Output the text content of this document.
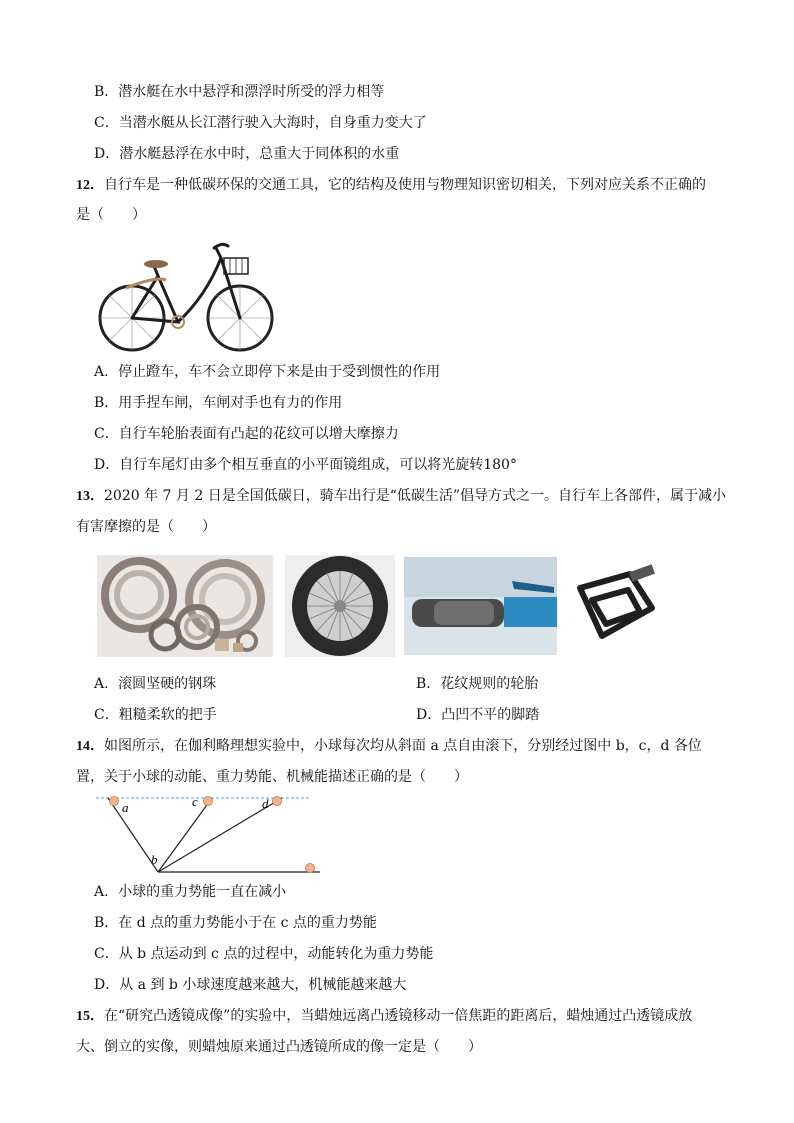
B．潜水艇在水中悬浮和漂浮时所受的浮力相等
C．当潜水艇从长江潜行驶入大海时，自身重力变大了
D．潜水艇悬浮在水中时，总重大于同体积的水重
12．自行车是一种低碳环保的交通工具，它的结构及使用与物理知识密切相关，下列对应关系不正确的
是（　　）
A．停止蹬车，车不会立即停下来是由于受到惯性的作用
B．用手捏车闸，车闸对手也有力的作用
C．自行车轮胎表面有凸起的花纹可以增大摩擦力
D．自行车尾灯由多个相互垂直的小平面镜组成，可以将光旋转180°
13．2020 年 7 月 2 日是全国低碳日，骑车出行是“低碳生活”倡导方式之一。自行车上各部件，属于减小
有害摩擦的是（　　）
A．滚圆坚硬的钢珠	B．花纹规则的轮胎
C．粗糙柔软的把手	D．凸凹不平的脚踏
14．如图所示，在伽利略理想实验中，小球每次均从斜面 a 点自由滚下，分别经过图中 b，c，d 各位
置，关于小球的动能、重力势能、机械能描述正确的是（　　）
a
b
c	d
A．小球的重力势能一直在减小
B．在 d 点的重力势能小于在 c 点的重力势能
C．从 b 点运动到 c 点的过程中，动能转化为重力势能
D．从 a 到 b 小球速度越来越大，机械能越来越大
15．在“研究凸透镜成像”的实验中，当蜡烛远离凸透镜移动一倍焦距的距离后，蜡烛通过凸透镜成放
大、倒立的实像，则蜡烛原来通过凸透镜所成的像一定是（　　）
